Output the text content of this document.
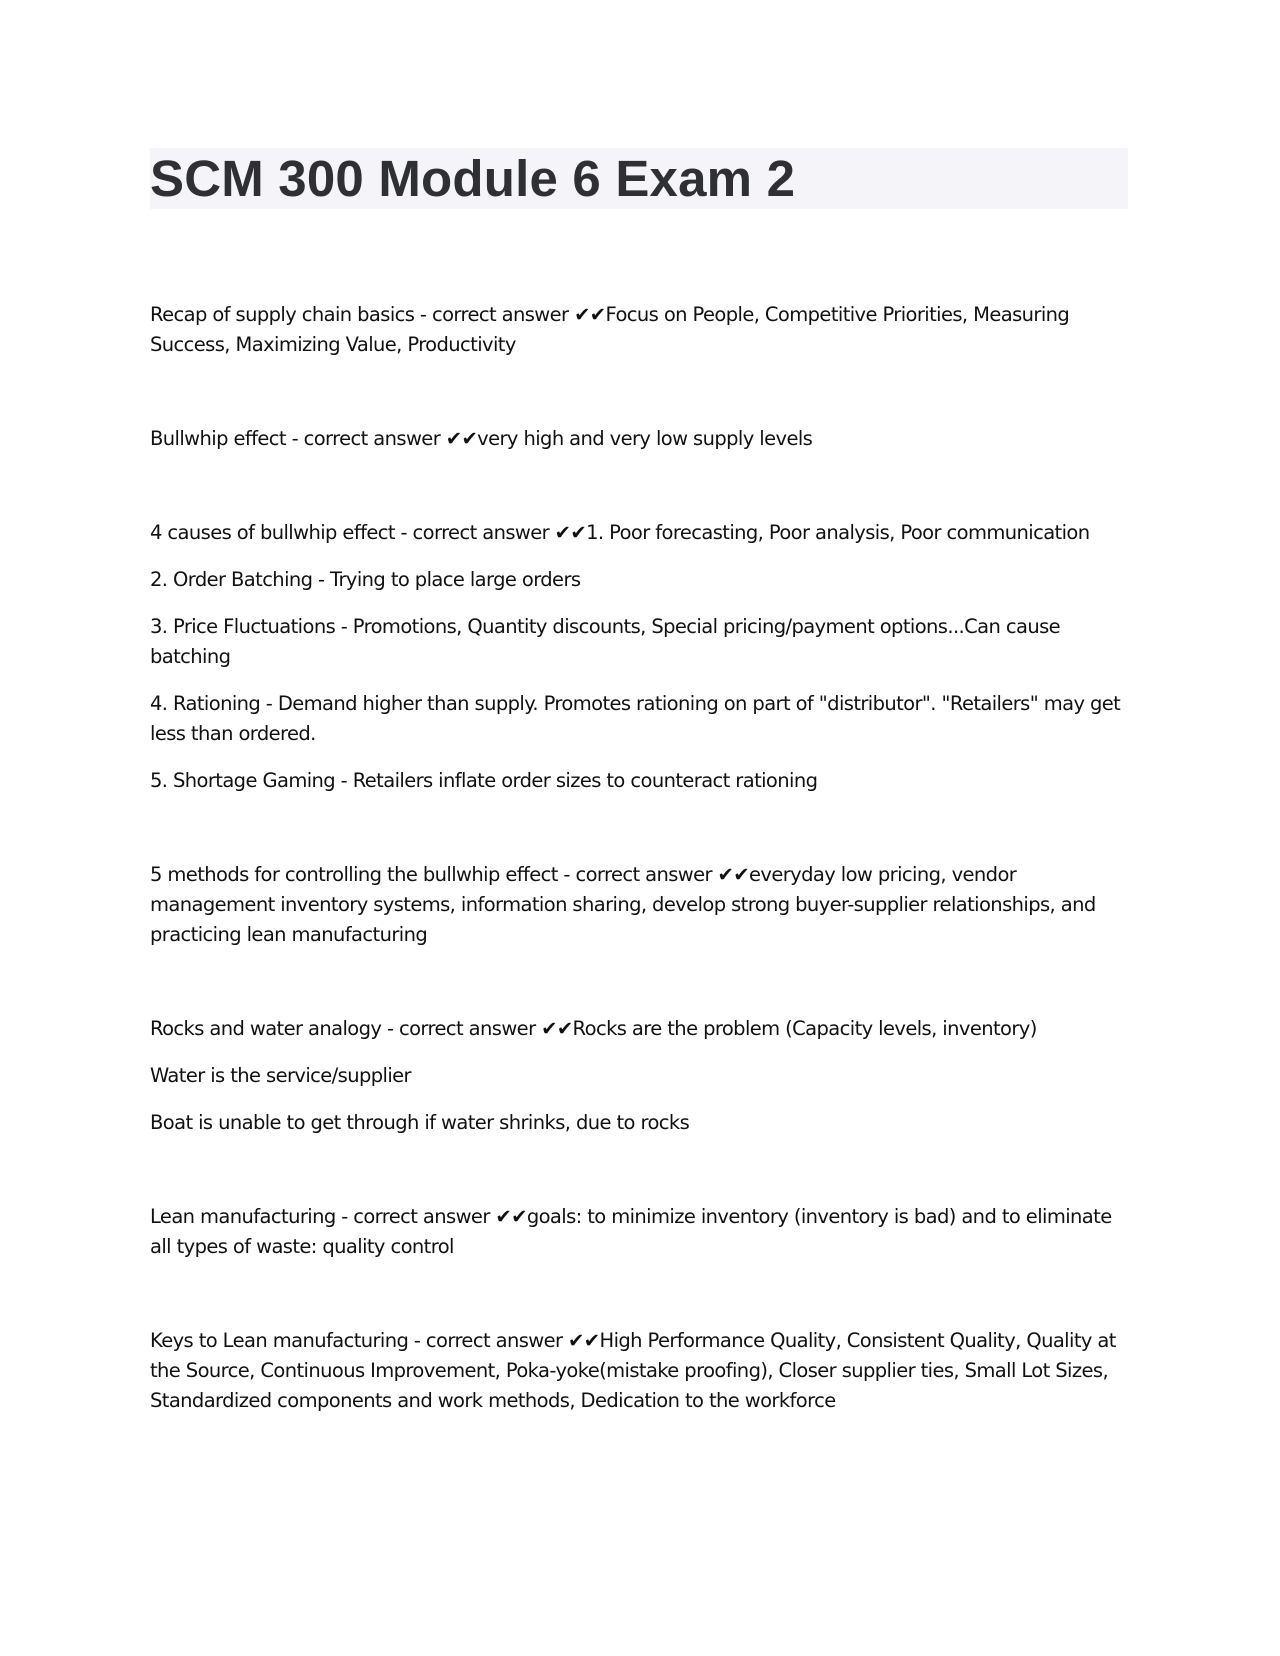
SCM 300 Module 6 Exam 2

Recap of supply chain basics - correct answer ✔✔Focus on People, Competitive Priorities, Measuring Success, Maximizing Value, Productivity

Bullwhip effect - correct answer ✔✔very high and very low supply levels

4 causes of bullwhip effect - correct answer ✔✔1. Poor forecasting, Poor analysis, Poor communication

2. Order Batching - Trying to place large orders

3. Price Fluctuations - Promotions, Quantity discounts, Special pricing/payment options...Can cause batching

4. Rationing - Demand higher than supply. Promotes rationing on part of "distributor". "Retailers" may get less than ordered.

5. Shortage Gaming - Retailers inflate order sizes to counteract rationing

5 methods for controlling the bullwhip effect - correct answer ✔✔everyday low pricing, vendor management inventory systems, information sharing, develop strong buyer-supplier relationships, and practicing lean manufacturing

Rocks and water analogy - correct answer ✔✔Rocks are the problem (Capacity levels, inventory)

Water is the service/supplier

Boat is unable to get through if water shrinks, due to rocks

Lean manufacturing - correct answer ✔✔goals: to minimize inventory (inventory is bad) and to eliminate all types of waste: quality control

Keys to Lean manufacturing - correct answer ✔✔High Performance Quality, Consistent Quality, Quality at the Source, Continuous Improvement, Poka-yoke(mistake proofing), Closer supplier ties, Small Lot Sizes, Standardized components and work methods, Dedication to the workforce
